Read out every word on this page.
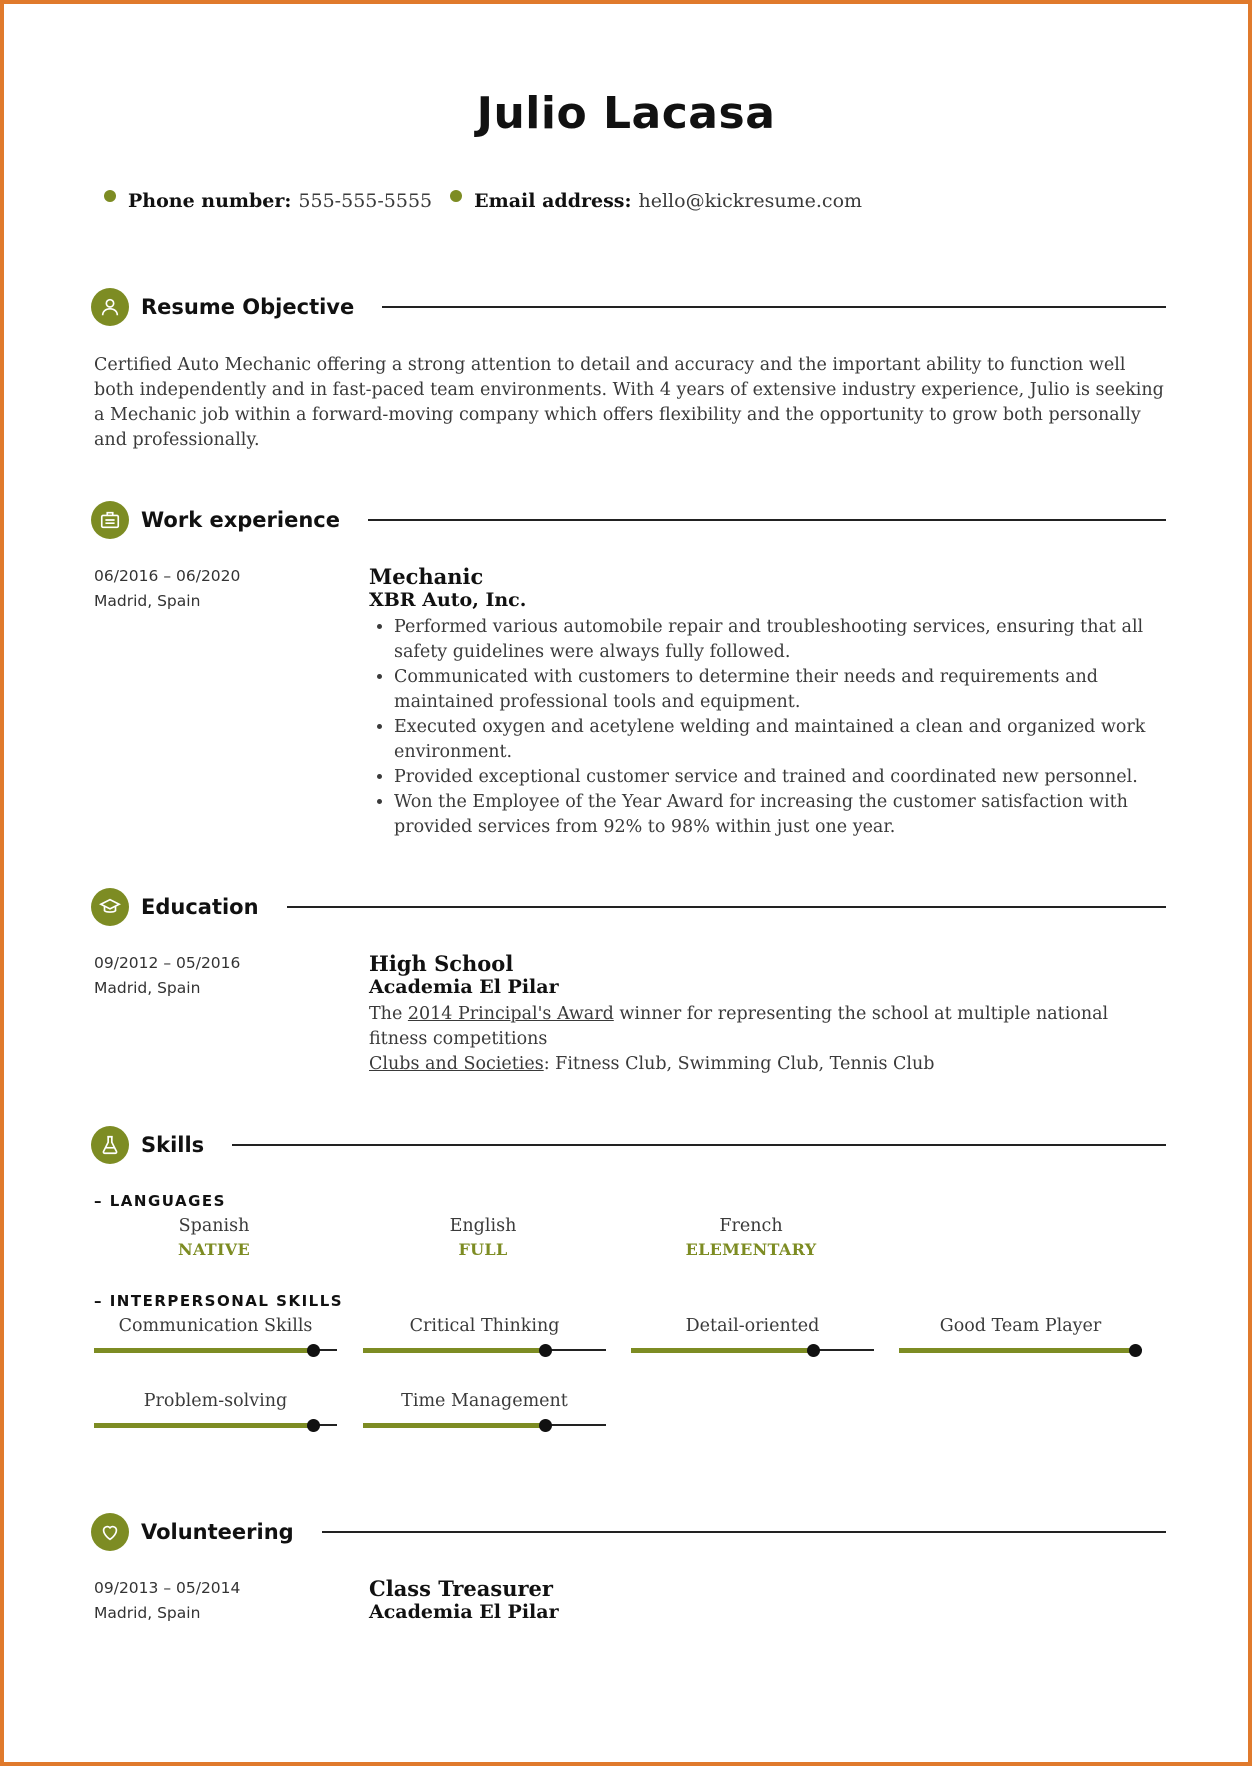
Julio Lacasa
Phone number: 555-555-5555 Email address: hello@kickresume.com
Resume Objective
Certified Auto Mechanic offering a strong attention to detail and accuracy and the important ability to function well both independently and in fast-paced team environments. With 4 years of extensive industry experience, Julio is seeking a Mechanic job within a forward-moving company which offers flexibility and the opportunity to grow both personally and professionally.
Work experience
06/2016 – 06/2020
Madrid, Spain
Mechanic
XBR Auto, Inc.
• Performed various automobile repair and troubleshooting services, ensuring that all safety guidelines were always fully followed.
• Communicated with customers to determine their needs and requirements and maintained professional tools and equipment.
• Executed oxygen and acetylene welding and maintained a clean and organized work environment.
• Provided exceptional customer service and trained and coordinated new personnel.
• Won the Employee of the Year Award for increasing the customer satisfaction with provided services from 92% to 98% within just one year.
Education
09/2012 – 05/2016
Madrid, Spain
High School
Academia El Pilar
The 2014 Principal's Award winner for representing the school at multiple national fitness competitions
Clubs and Societies: Fitness Club, Swimming Club, Tennis Club
Skills
– LANGUAGES
Spanish
NATIVE
English
FULL
French
ELEMENTARY
– INTERPERSONAL SKILLS
Communication Skills	Critical Thinking	Detail-oriented	Good Team Player
Problem-solving	Time Management
Volunteering
09/2013 – 05/2014
Madrid, Spain
Class Treasurer
Academia El Pilar
